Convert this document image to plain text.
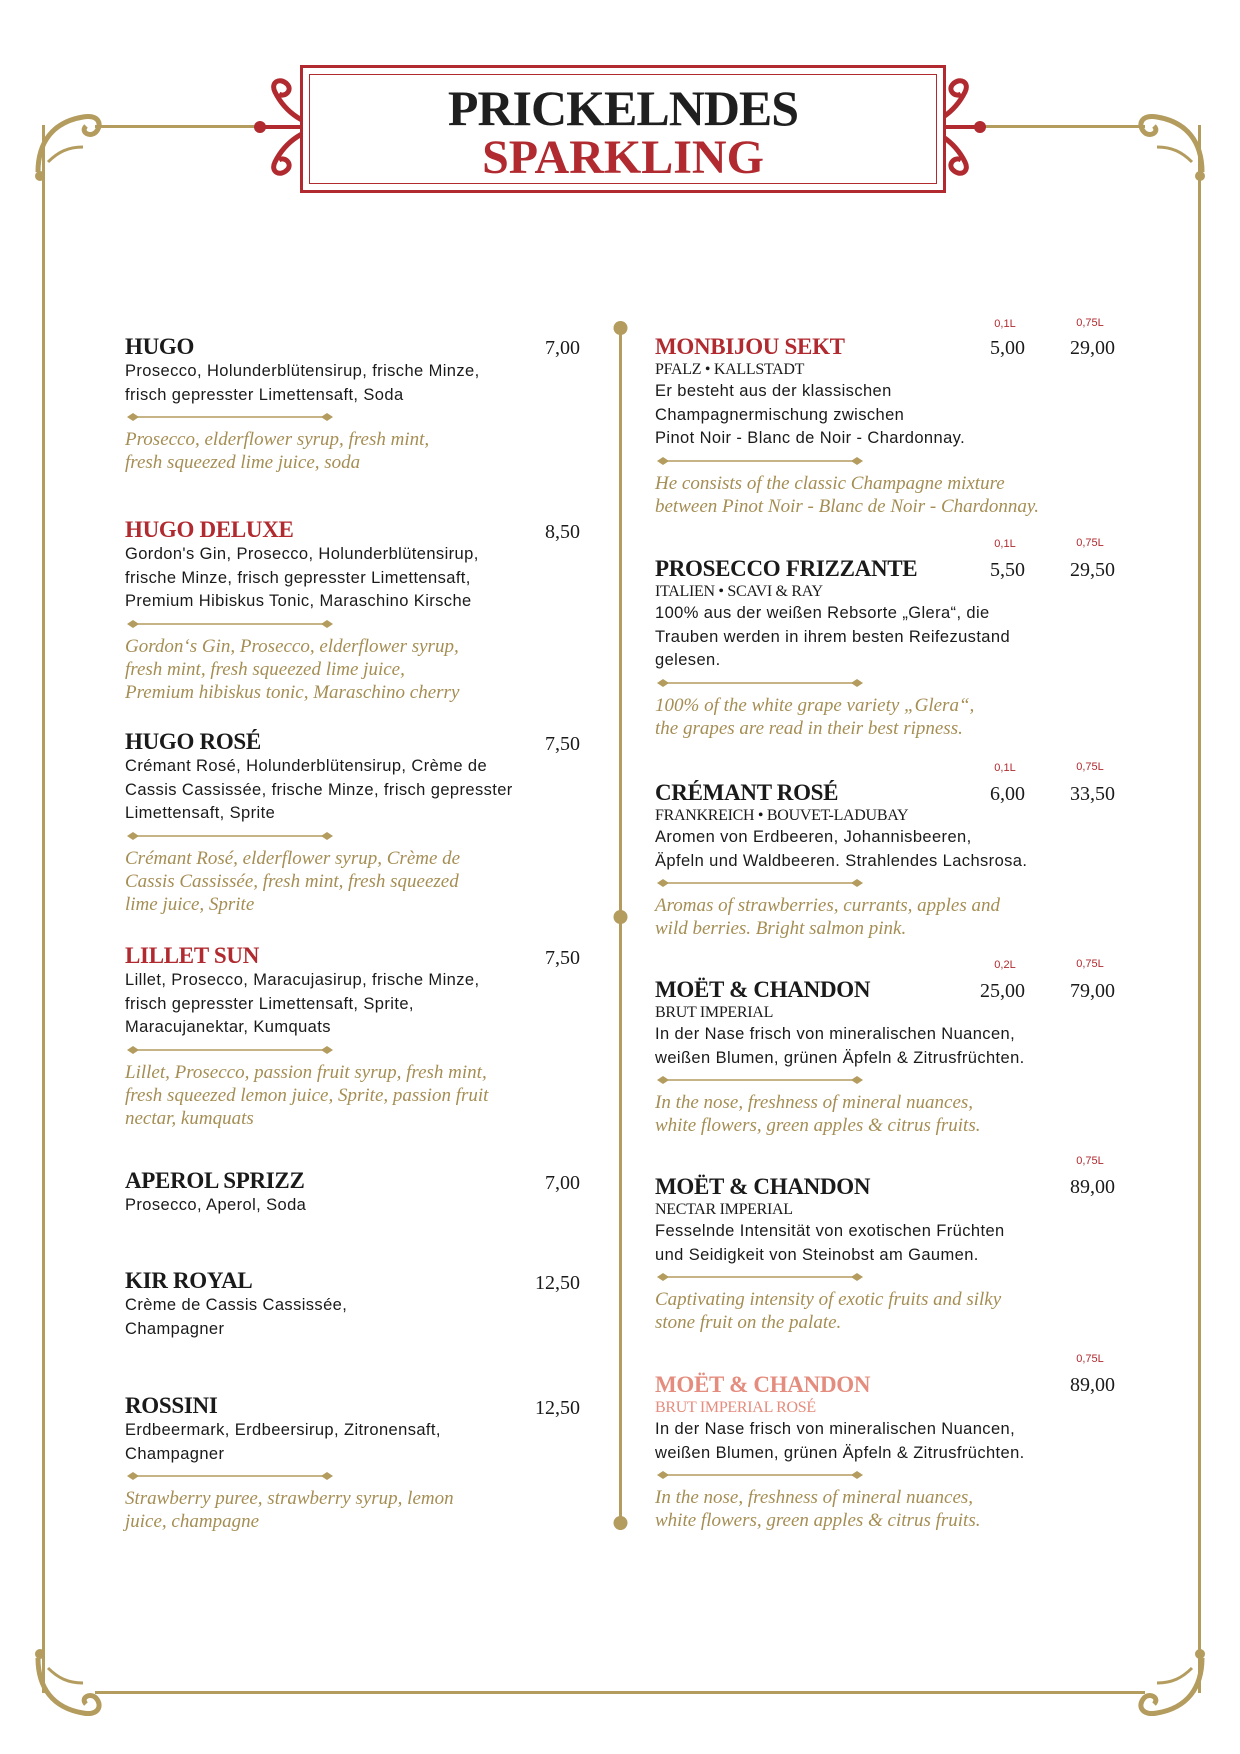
PRICKELNDES
SPARKLING
HUGO
Prosecco, Holunderblütensirup, frische Minze,
frisch gepresster Limettensaft, Soda
Prosecco, elderflower syrup, fresh mint,
fresh squeezed lime juice, soda
7,00
HUGO DELUXE
Gordon's Gin, Prosecco, Holunderblütensirup,
frische Minze, frisch gepresster Limettensaft,
Premium Hibiskus Tonic, Maraschino Kirsche
Gordon‘s Gin, Prosecco, elderflower syrup,
fresh mint, fresh squeezed lime juice,
Premium hibiskus tonic, Maraschino cherry
8,50
HUGO ROSÉ
Crémant Rosé, Holunderblütensirup, Crème de
Cassis Cassissée, frische Minze, frisch gepresster
Limettensaft, Sprite
Crémant Rosé, elderflower syrup, Crème de
Cassis Cassissée, fresh mint, fresh squeezed
lime juice, Sprite
7,50
LILLET SUN
Lillet, Prosecco, Maracujasirup, frische Minze,
frisch gepresster Limettensaft, Sprite,
Maracujanektar, Kumquats
Lillet, Prosecco, passion fruit syrup, fresh mint,
fresh squeezed lemon juice, Sprite, passion fruit
nectar, kumquats
7,50
APEROL SPRIZZ
Prosecco, Aperol, Soda
7,00
KIR ROYAL
Crème de Cassis Cassissée,
Champagner
12,50
ROSSINI
Erdbeermark, Erdbeersirup, Zitronensaft,
Champagner
Strawberry puree, strawberry syrup, lemon
juice, champagne
12,50
0,1L	0,75L
5,00	29,00
MONBIJOU SEKT
PFALZ • KALLSTADT
Er besteht aus der klassischen
Champagnermischung zwischen
Pinot Noir - Blanc de Noir - Chardonnay.
He consists of the classic Champagne mixture
between Pinot Noir - Blanc de Noir - Chardonnay.
0,1L	0,75L
5,50	29,50
PROSECCO FRIZZANTE
ITALIEN • SCAVI & RAY
100% aus der weißen Rebsorte „Glera“, die
Trauben werden in ihrem besten Reifezustand
gelesen.
100% of the white grape variety „Glera“,
the grapes are read in their best ripness.
0,1L	0,75L
6,00	33,50
CRÉMANT ROSÉ
FRANKREICH • BOUVET-LADUBAY
Aromen von Erdbeeren, Johannisbeeren,
Äpfeln und Waldbeeren. Strahlendes Lachsrosa.
Aromas of strawberries, currants, apples and
wild berries. Bright salmon pink.
0,2L	0,75L
25,00	79,00
MOËT & CHANDON
BRUT IMPERIAL
In der Nase frisch von mineralischen Nuancen,
weißen Blumen, grünen Äpfeln & Zitrusfrüchten.
In the nose, freshness of mineral nuances,
white flowers, green apples & citrus fruits.
0,75L
89,00
MOËT & CHANDON
NECTAR IMPERIAL
Fesselnde Intensität von exotischen Früchten
und Seidigkeit von Steinobst am Gaumen.
Captivating intensity of exotic fruits and silky
stone fruit on the palate.
0,75L
89,00
MOËT & CHANDON
BRUT IMPERIAL ROSÉ
In der Nase frisch von mineralischen Nuancen,
weißen Blumen, grünen Äpfeln & Zitrusfrüchten.
In the nose, freshness of mineral nuances,
white flowers, green apples & citrus fruits.
